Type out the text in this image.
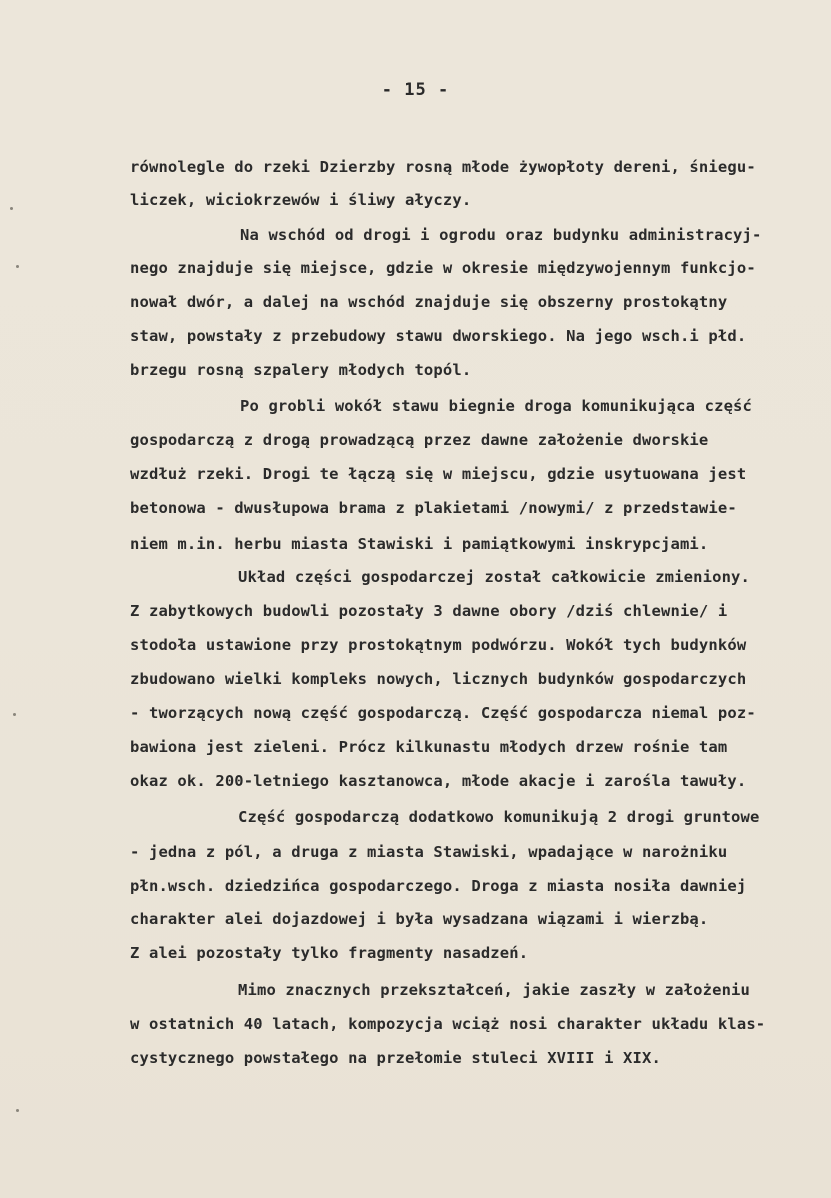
- 15 -
równolegle do rzeki Dzierzby rosną młode żywopłoty dereni, śniegu-
liczek, wiciokrzewów i śliwy ałyczy.
Na wschód od drogi i ogrodu oraz budynku administracyj-
nego znajduje się miejsce, gdzie w okresie międzywojennym funkcjo-
nował dwór, a dalej na wschód znajduje się obszerny prostokątny
staw, powstały z przebudowy stawu dworskiego. Na jego wsch.i płd.
brzegu rosną szpalery młodych topól.
Po grobli wokół stawu biegnie droga komunikująca część
gospodarczą z drogą prowadzącą przez dawne założenie dworskie
wzdłuż rzeki. Drogi te łączą się w miejscu, gdzie usytuowana jest
betonowa - dwusłupowa brama z plakietami /nowymi/ z przedstawie-
niem m.in. herbu miasta Stawiski i pamiątkowymi inskrypcjami.
Układ części gospodarczej został całkowicie zmieniony.
Z zabytkowych budowli pozostały 3 dawne obory /dziś chlewnie/ i
stodoła ustawione przy prostokątnym podwórzu. Wokół tych budynków
zbudowano wielki kompleks nowych, licznych budynków gospodarczych
- tworzących nową część gospodarczą. Część gospodarcza niemal poz-
bawiona jest zieleni. Prócz kilkunastu młodych drzew rośnie tam
okaz ok. 200-letniego kasztanowca, młode akacje i zarośla tawuły.
Część gospodarczą dodatkowo komunikują 2 drogi gruntowe
- jedna z pól, a druga z miasta Stawiski, wpadające w narożniku
płn.wsch. dziedzińca gospodarczego. Droga z miasta nosiła dawniej
charakter alei dojazdowej i była wysadzana wiązami i wierzbą.
Z alei pozostały tylko fragmenty nasadzeń.
Mimo znacznych przekształceń, jakie zaszły w założeniu
w ostatnich 40 latach, kompozycja wciąż nosi charakter układu klas-
cystycznego powstałego na przełomie stuleci XVIII i XIX.
